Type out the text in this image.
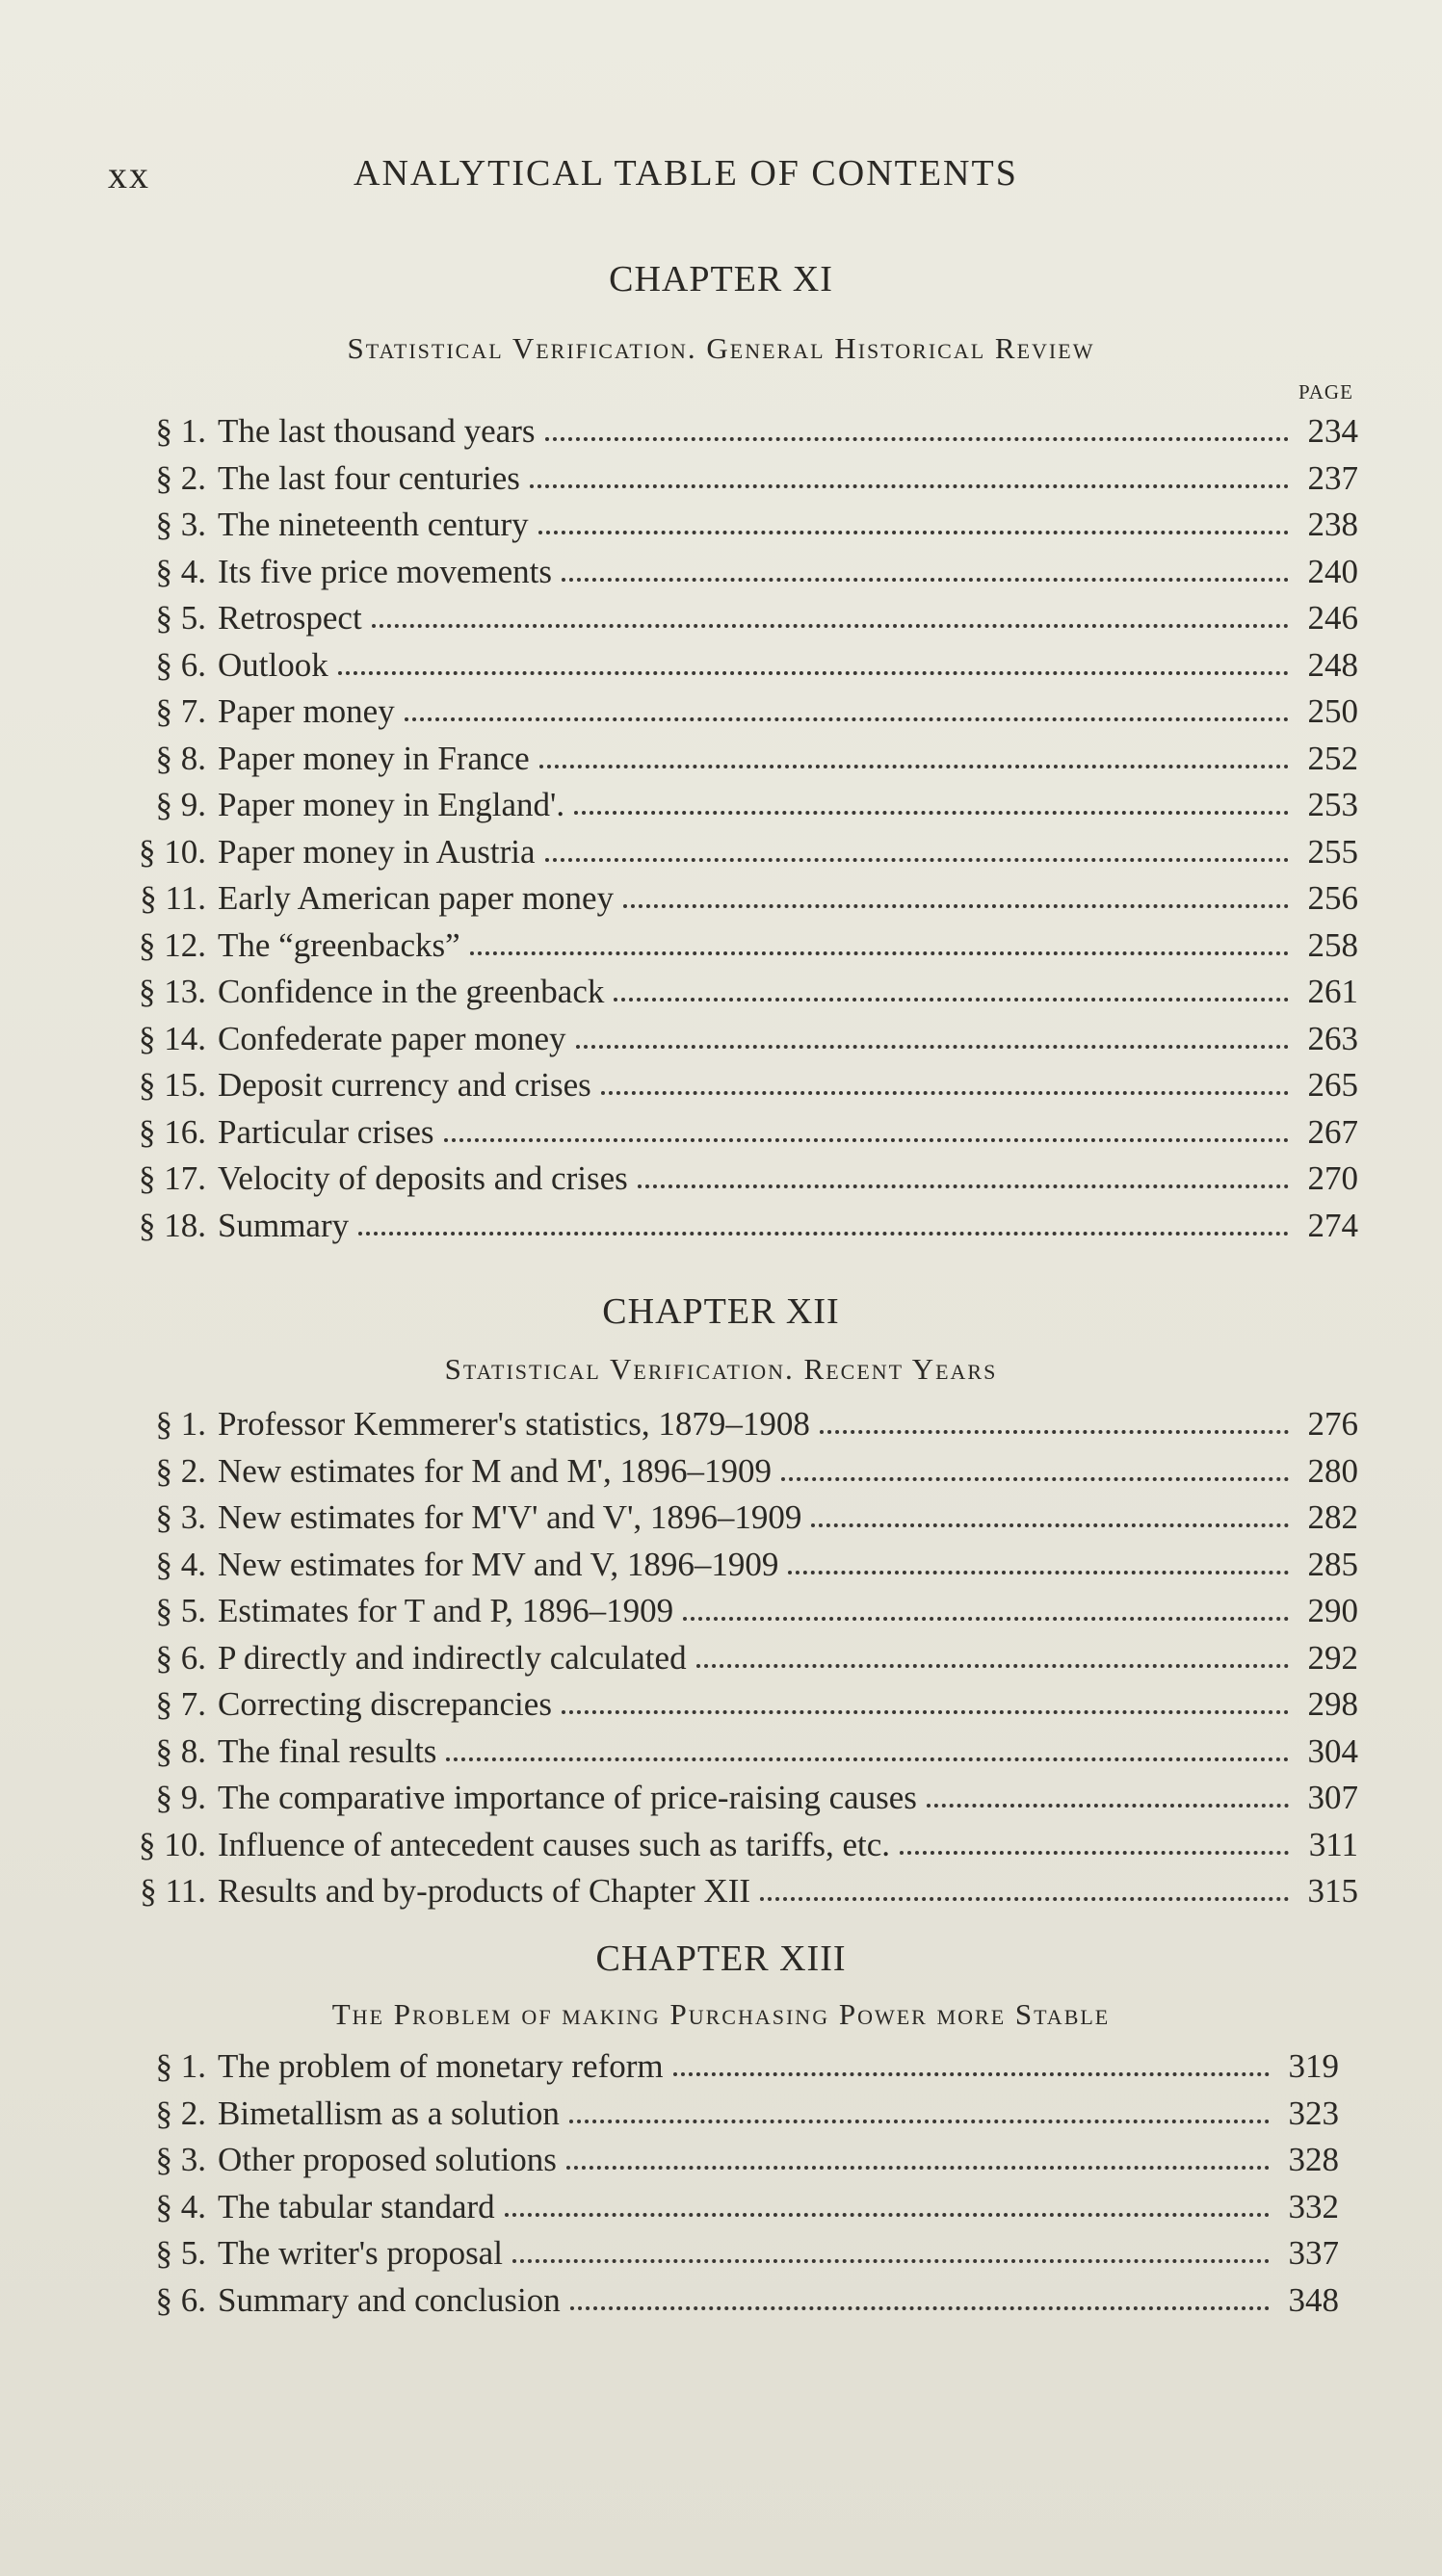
xx	ANALYTICAL TABLE OF CONTENTS
CHAPTER XI
Statistical Verification. General Historical Review
PAGE
§ 1. The last thousand years	234
§ 2. The last four centuries	237
§ 3. The nineteenth century	238
§ 4. Its five price movements	240
§ 5. Retrospect	246
§ 6. Outlook	248
§ 7. Paper money	250
§ 8. Paper money in France	252
§ 9. Paper money in England'.	253
§ 10. Paper money in Austria	255
§ 11. Early American paper money	256
§ 12. The “greenbacks”	258
§ 13. Confidence in the greenback	261
§ 14. Confederate paper money	263
§ 15. Deposit currency and crises	265
§ 16. Particular crises	267
§ 17. Velocity of deposits and crises	270
§ 18. Summary	274
CHAPTER XII
Statistical Verification. Recent Years
§ 1. Professor Kemmerer's statistics, 1879–1908	276
§ 2. New estimates for M and M', 1896–1909	280
§ 3. New estimates for M'V' and V', 1896–1909	282
§ 4. New estimates for MV and V, 1896–1909	285
§ 5. Estimates for T and P, 1896–1909	290
§ 6. P directly and indirectly calculated	292
§ 7. Correcting discrepancies	298
§ 8. The final results	304
§ 9. The comparative importance of price-raising causes	307
§ 10. Influence of antecedent causes such as tariffs, etc.	311
§ 11. Results and by-products of Chapter XII	315
CHAPTER XIII
The Problem of making Purchasing Power more Stable
§ 1. The problem of monetary reform	319
§ 2. Bimetallism as a solution	323
§ 3. Other proposed solutions	328
§ 4. The tabular standard	332
§ 5. The writer's proposal	337
§ 6. Summary and conclusion	348
